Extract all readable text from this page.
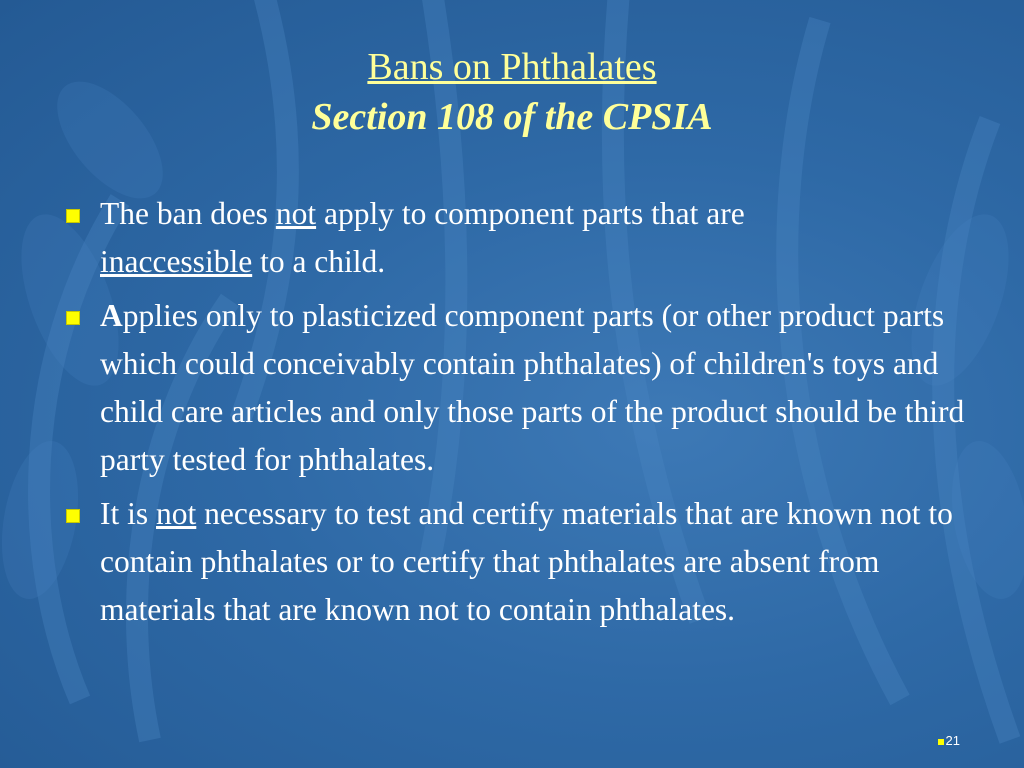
Bans on Phthalates
Section 108 of the CPSIA
The ban does not apply to component parts that are
inaccessible to a child.
Applies only to plasticized component parts (or other product parts which could conceivably contain phthalates) of children's toys and child care articles and only those parts of the product should be third party tested for phthalates.
It is not necessary to test and certify materials that are known not to contain phthalates or to certify that phthalates are absent from materials that are known not to contain phthalates.
21
